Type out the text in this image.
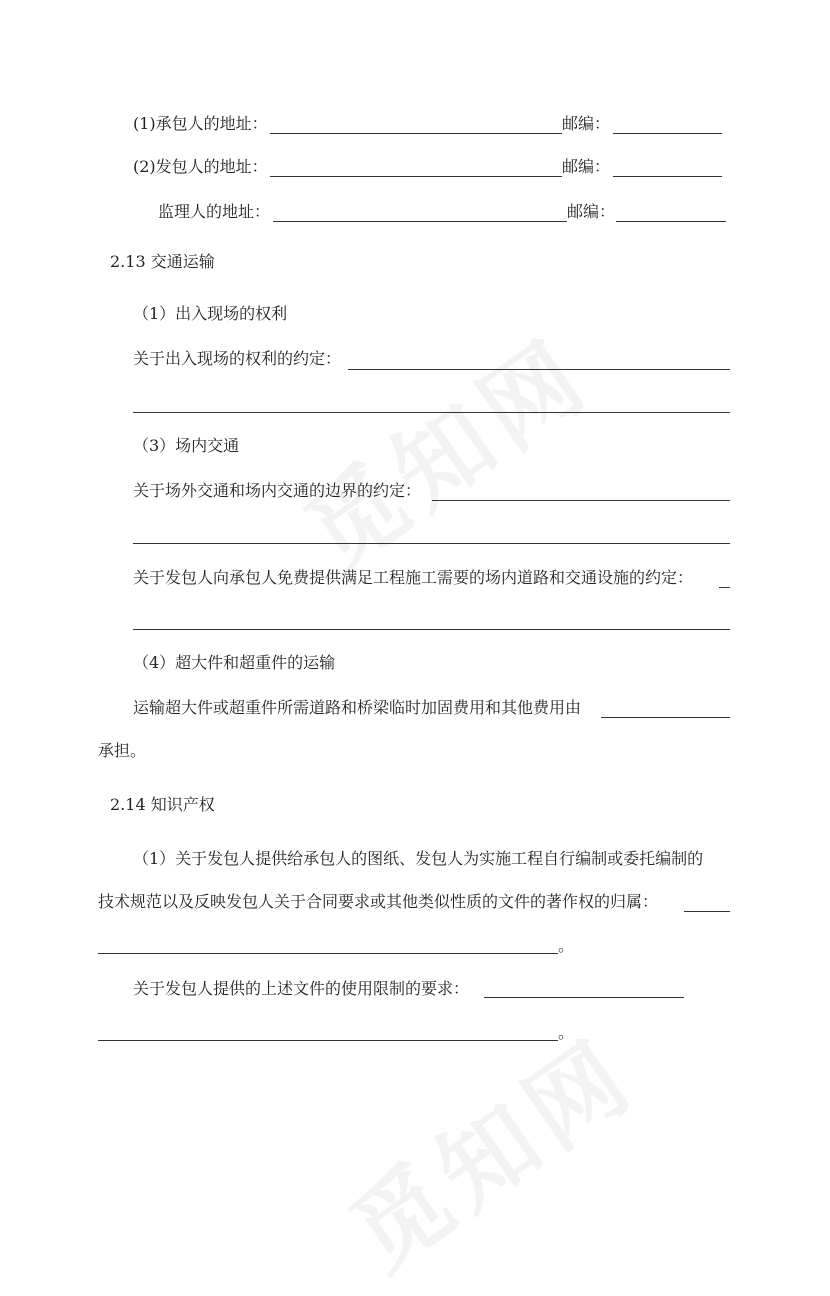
(1)承包人的地址：	邮编：
(2)发包人的地址：	邮编：
监理人的地址：	邮编：
2.13 交通运输
（1）出入现场的权利
关于出入现场的权利的约定：
（3）场内交通
关于场外交通和场内交通的边界的约定：
关于发包人向承包人免费提供满足工程施工需要的场内道路和交通设施的约定：
（4）超大件和超重件的运输
运输超大件或超重件所需道路和桥梁临时加固费用和其他费用由
承担。
2.14 知识产权
（1）关于发包人提供给承包人的图纸、发包人为实施工程自行编制或委托编制的
技术规范以及反映发包人关于合同要求或其他类似性质的文件的著作权的归属：
。
关于发包人提供的上述文件的使用限制的要求：
。
